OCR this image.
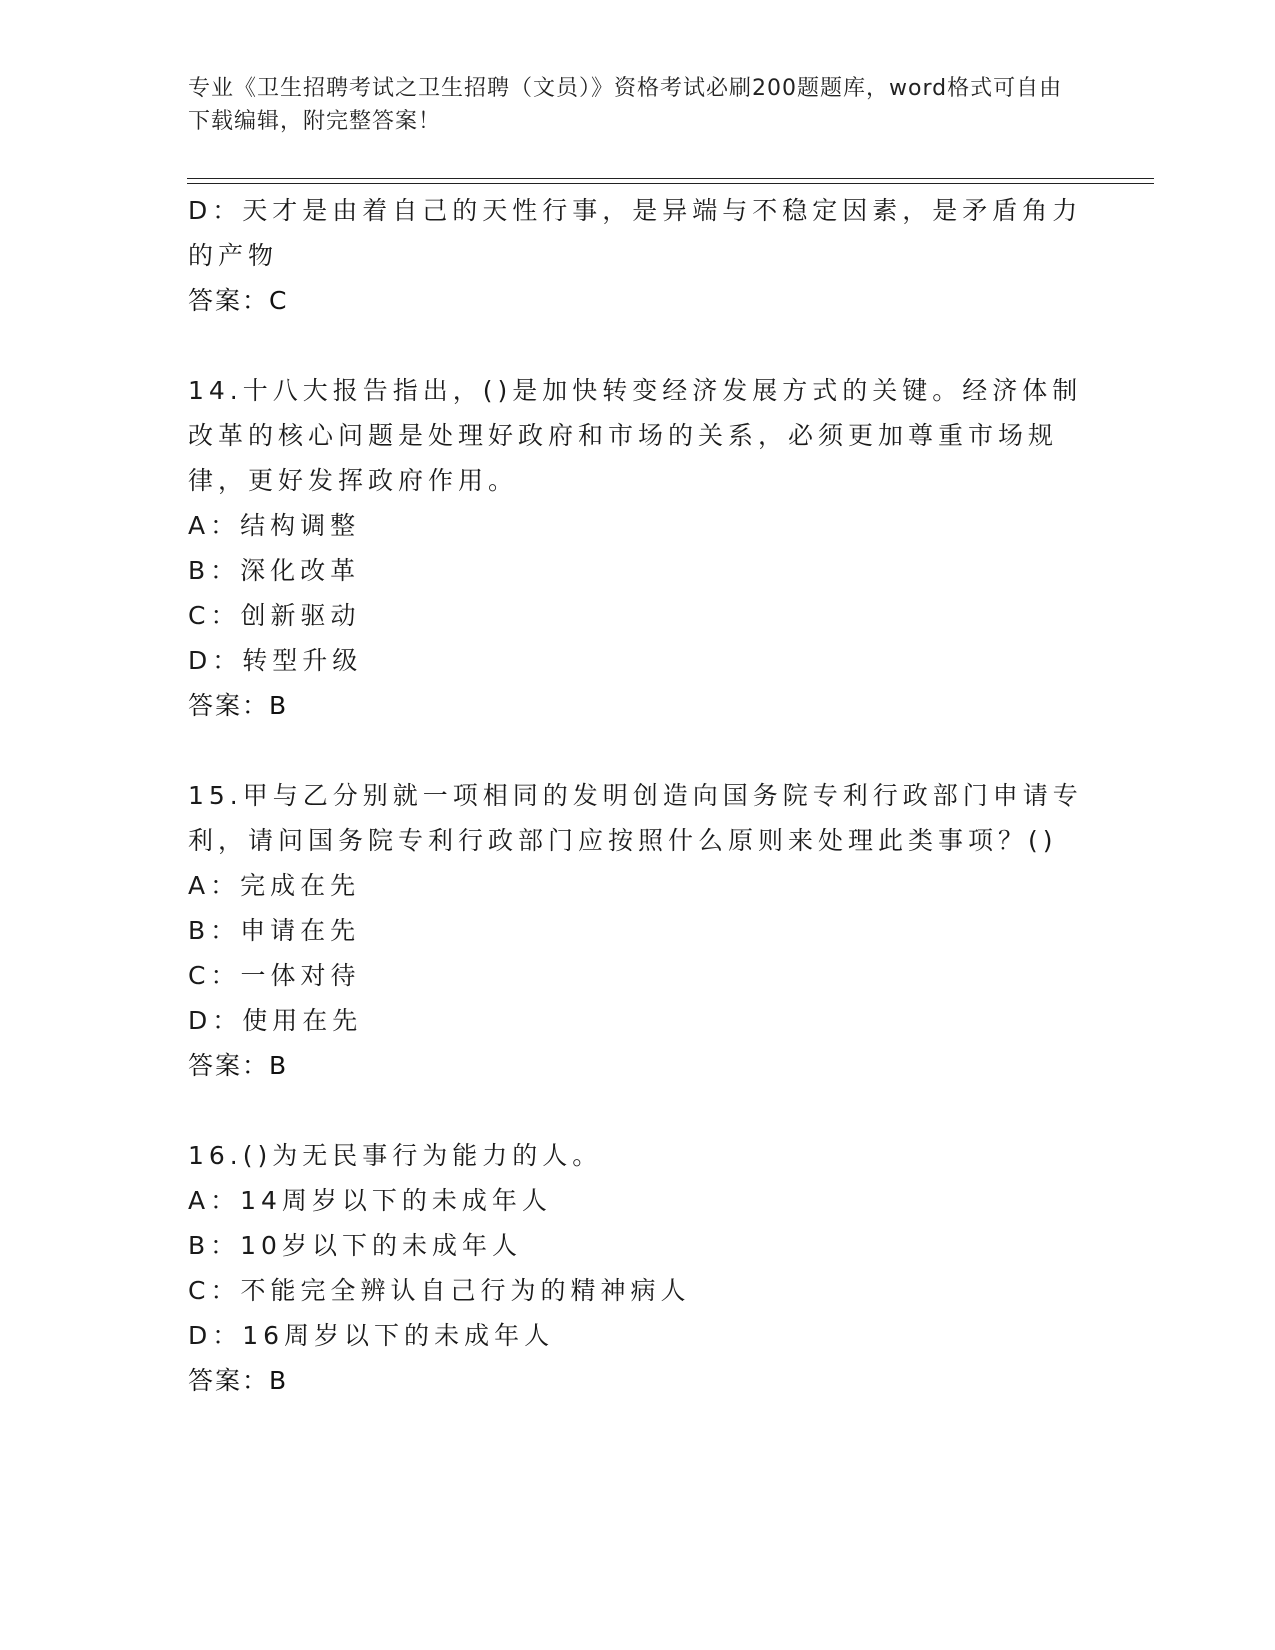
专业《卫生招聘考试之卫生招聘（文员）》资格考试必刷200题题库，word格式可自由下载编辑，附完整答案！
D：天才是由着自己的天性行事，是异端与不稳定因素，是矛盾角力的产物
答案：C
14.十八大报告指出，()是加快转变经济发展方式的关键。经济体制改革的核心问题是处理好政府和市场的关系，必须更加尊重市场规律，更好发挥政府作用。
A：结构调整
B：深化改革
C：创新驱动
D：转型升级
答案：B
15.甲与乙分别就一项相同的发明创造向国务院专利行政部门申请专利，请问国务院专利行政部门应按照什么原则来处理此类事项？()
A：完成在先
B：申请在先
C：一体对待
D：使用在先
答案：B
16.()为无民事行为能力的人。
A：14周岁以下的未成年人
B：10岁以下的未成年人
C：不能完全辨认自己行为的精神病人
D：16周岁以下的未成年人
答案：B
